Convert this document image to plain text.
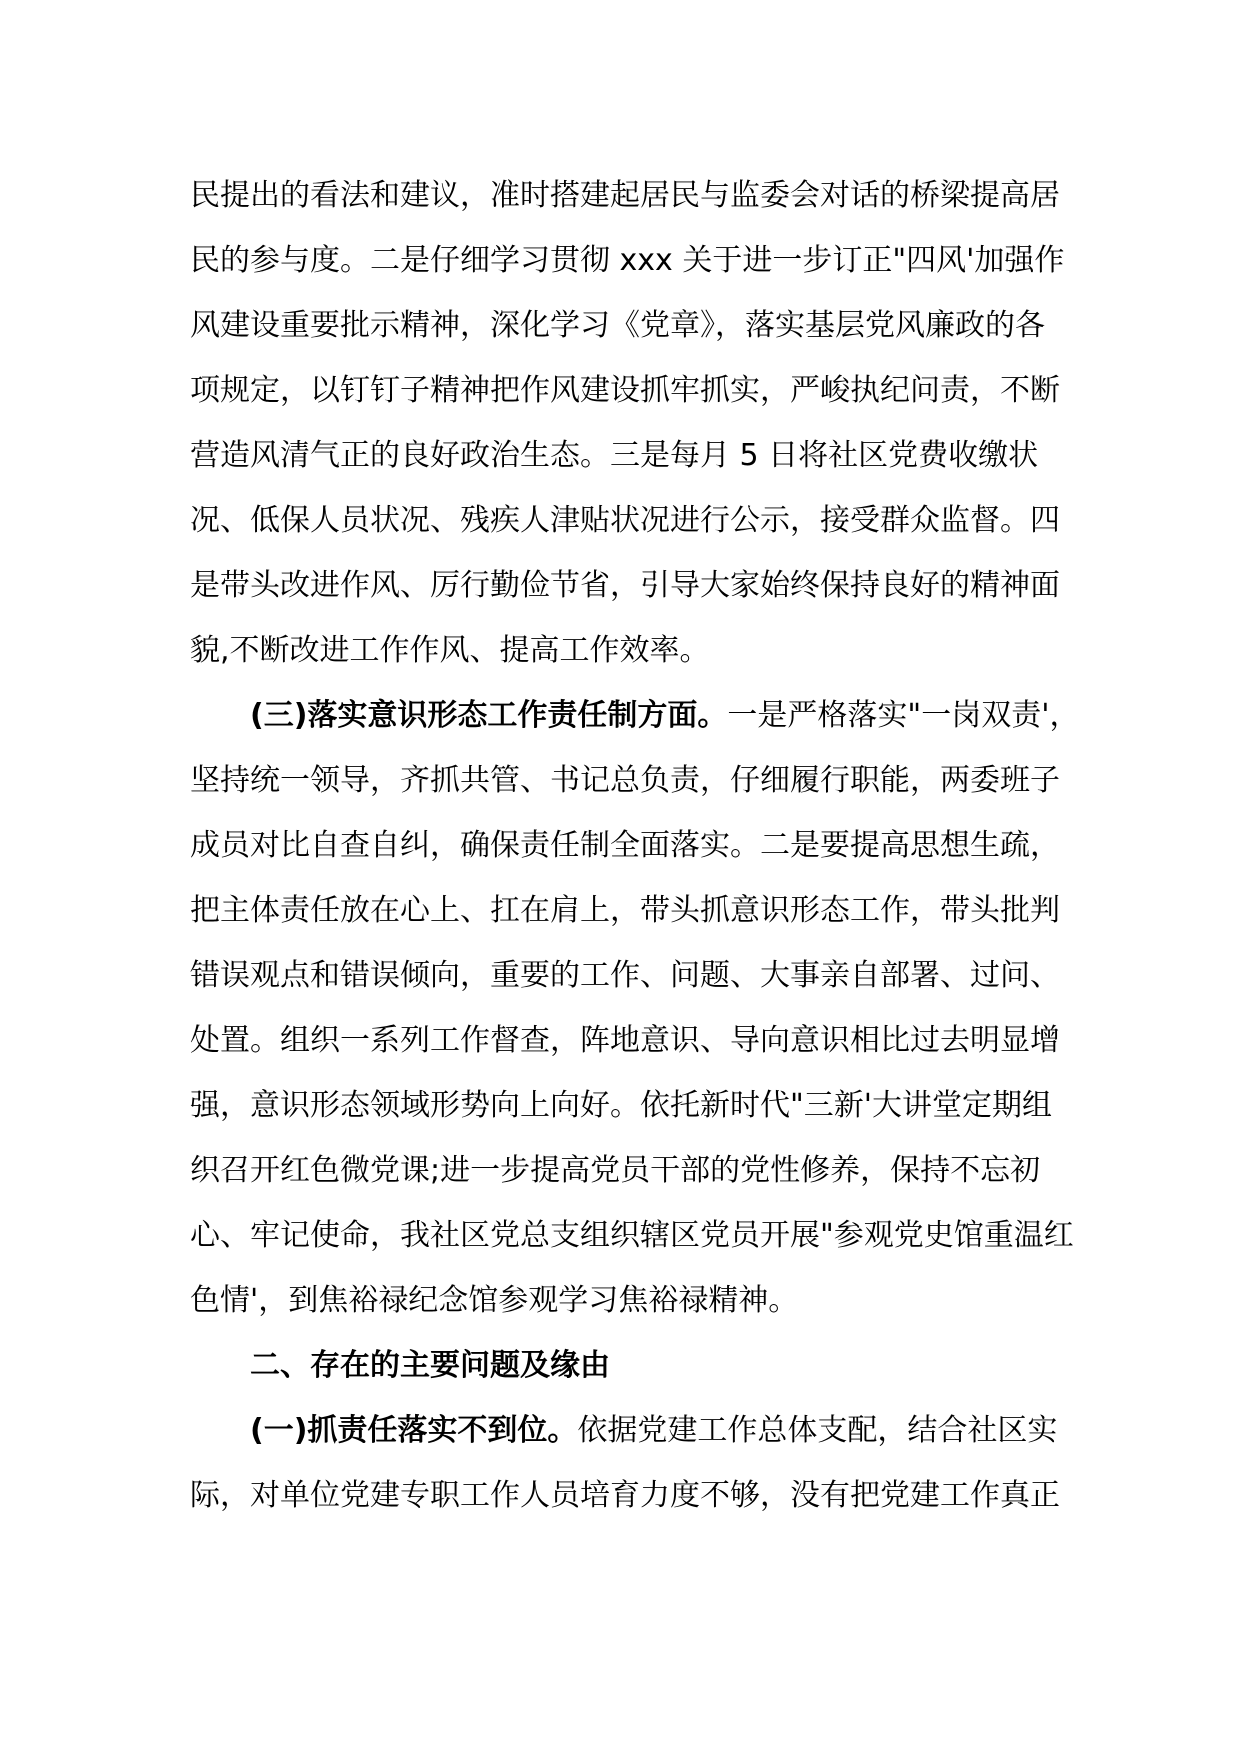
民提出的看法和建议，准时搭建起居民与监委会对话的桥梁提高居
民的参与度。二是仔细学习贯彻 xxx 关于进一步订正"四风'加强作
风建设重要批示精神，深化学习《党章》，落实基层党风廉政的各
项规定，以钉钉子精神把作风建设抓牢抓实，严峻执纪问责，不断
营造风清气正的良好政治生态。三是每月 5 日将社区党费收缴状
况、低保人员状况、残疾人津贴状况进行公示，接受群众监督。四
是带头改进作风、厉行勤俭节省，引导大家始终保持良好的精神面
貌,不断改进工作作风、提高工作效率。
(三)落实意识形态工作责任制方面。一是严格落实"一岗双责'，
坚持统一领导，齐抓共管、书记总负责，仔细履行职能，两委班子
成员对比自查自纠，确保责任制全面落实。二是要提高思想生疏，
把主体责任放在心上、扛在肩上，带头抓意识形态工作，带头批判
错误观点和错误倾向，重要的工作、问题、大事亲自部署、过问、
处置。组织一系列工作督查，阵地意识、导向意识相比过去明显增
强，意识形态领域形势向上向好。依托新时代"三新'大讲堂定期组
织召开红色微党课;进一步提高党员干部的党性修养，保持不忘初
心、牢记使命，我社区党总支组织辖区党员开展"参观党史馆重温红
色情'，到焦裕禄纪念馆参观学习焦裕禄精神。
二、存在的主要问题及缘由
(一)抓责任落实不到位。依据党建工作总体支配，结合社区实
际，对单位党建专职工作人员培育力度不够，没有把党建工作真正
